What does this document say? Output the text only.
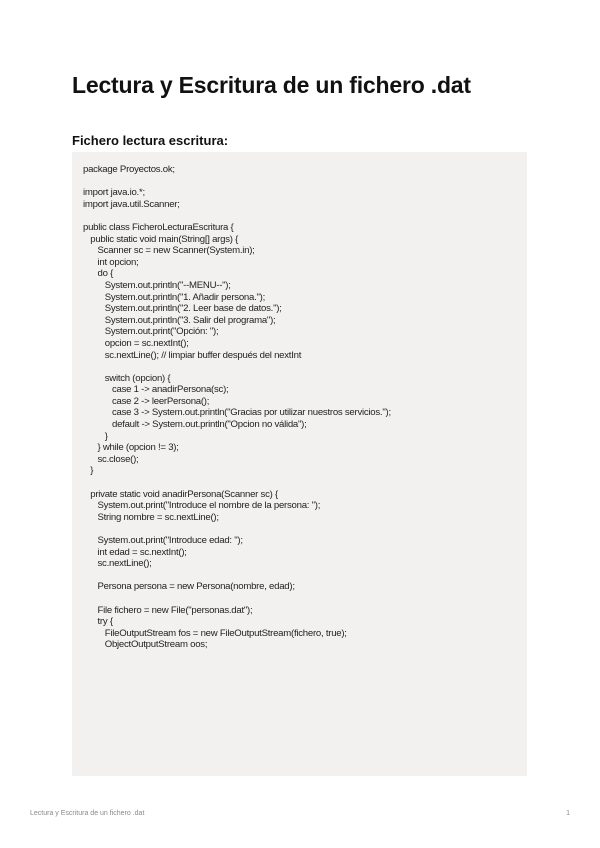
Lectura y Escritura de un fichero .dat
Fichero lectura escritura:
package Proyectos.ok;
import java.io.*;
import java.util.Scanner;
public class FicheroLecturaEscritura {
public static void main(String[] args) {
Scanner sc = new Scanner(System.in);
int opcion;
do {
System.out.println("--MENU--");
System.out.println("1. Añadir persona.");
System.out.println("2. Leer base de datos.");
System.out.println("3. Salir del programa");
System.out.print("Opción: ");
opcion = sc.nextInt();
sc.nextLine(); // limpiar buffer después del nextInt
switch (opcion) {
case 1 -> anadirPersona(sc);
case 2 -> leerPersona();
case 3 -> System.out.println("Gracias por utilizar nuestros servicios.");
default -> System.out.println("Opcion no válida");
}
} while (opcion != 3);
sc.close();
}
private static void anadirPersona(Scanner sc) {
System.out.print("Introduce el nombre de la persona: ");
String nombre = sc.nextLine();
System.out.print("Introduce edad: ");
int edad = sc.nextInt();
sc.nextLine();
Persona persona = new Persona(nombre, edad);
File fichero = new File("personas.dat");
try {
FileOutputStream fos = new FileOutputStream(fichero, true);
ObjectOutputStream oos;
Lectura y Escritura de un fichero .dat	1
